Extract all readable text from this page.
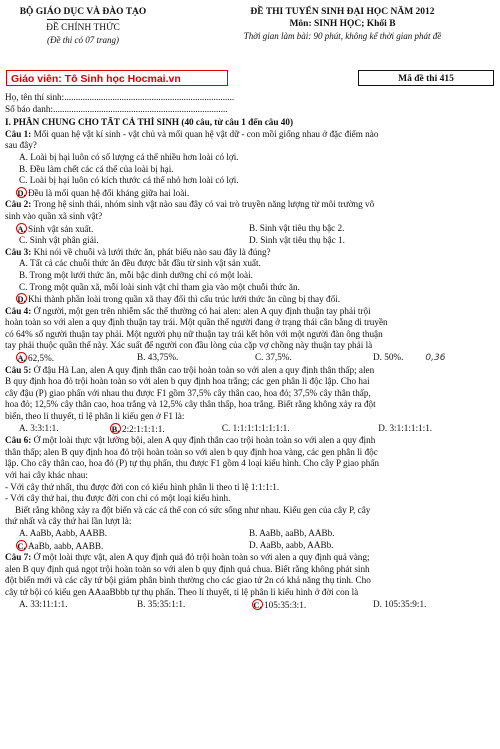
BỘ GIÁO DỤC VÀ ĐÀO TẠO
ĐỀ CHÍNH THỨC
(Đề thi có 07 trang)
ĐỀ THI TUYỂN SINH ĐẠI HỌC NĂM 2012
Môn: SINH HỌC; Khối B
Thời gian làm bài: 90 phút, không kể thời gian phát đề
Giáo viên: Tô Sinh học Hocmai.vn	Mã đề thi 415

Họ, tên thí sinh:..........................................................................

Số báo danh:............................................................................

I. PHẦN CHUNG CHO TẤT CẢ THÍ SINH (40 câu, từ câu 1 đến câu 40)

Câu 1: Mối quan hệ vật kí sinh - vật chủ và mối quan hệ vật dữ - con mồi giống nhau ở đặc điểm nào

sau đây?

A. Loài bị hại luôn có số lượng cá thể nhiều hơn loài có lợi.

B. Đều làm chết các cá thể của loài bị hại.

C. Loài bị hại luôn có kích thước cá thể nhỏ hơn loài có lợi.

D. Đều là mối quan hệ đối kháng giữa hai loài.

Câu 2: Trong hệ sinh thái, nhóm sinh vật nào sau đây có vai trò truyền năng lượng từ môi trường vô

sinh vào quần xã sinh vật?

A. Sinh vật sản xuất.	B. Sinh vật tiêu thụ bậc 2.
C. Sinh vật phân giải.	D. Sinh vật tiêu thụ bậc 1.

Câu 3: Khi nói về chuỗi và lưới thức ăn, phát biểu nào sau đây là đúng?

A. Tất cả các chuỗi thức ăn đều được bắt đầu từ sinh vật sản xuất.

B. Trong một lưới thức ăn, mỗi bậc dinh dưỡng chỉ có một loài.

C. Trong một quần xã, mỗi loài sinh vật chỉ tham gia vào một chuỗi thức ăn.

D. Khi thành phần loài trong quần xã thay đổi thì cấu trúc lưới thức ăn cũng bị thay đổi.

Câu 4: Ở người, một gen trên nhiễm sắc thể thường có hai alen: alen A quy định thuận tay phải trội

hoàn toàn so với alen a quy định thuận tay trái. Một quần thể người đang ở trạng thái cân bằng di truyền

có 64% số người thuận tay phải. Một người phụ nữ thuận tay trái kết hôn với một người đàn ông thuận

tay phải thuộc quần thể này. Xác suất để người con đầu lòng của cặp vợ chồng này thuận tay phải là

A. 62,5%.	B. 43,75%.	C. 37,5%.	D. 50%. 0,36

Câu 5: Ở đậu Hà Lan, alen A quy định thân cao trội hoàn toàn so với alen a quy định thân thấp; alen

B quy định hoa đỏ trội hoàn toàn so với alen b quy định hoa trắng; các gen phân li độc lập. Cho hai

cây đậu (P) giao phấn với nhau thu được F1 gồm 37,5% cây thân cao, hoa đỏ; 37,5% cây thân thấp,

hoa đỏ; 12,5% cây thân cao, hoa trắng và 12,5% cây thân thấp, hoa trắng. Biết rằng không xảy ra đột

biến, theo lí thuyết, tỉ lệ phân li kiểu gen ở F1 là:

A. 3:3:1:1.	B. 2:2:1:1:1:1.	C. 1:1:1:1:1:1:1:1.	D. 3:1:1:1:1:1.

Câu 6: Ở một loài thực vật lưỡng bội, alen A quy định thân cao trội hoàn toàn so với alen a quy định

thân thấp; alen B quy định hoa đỏ trội hoàn toàn so với alen b quy định hoa vàng, các gen phân li độc

lập. Cho cây thân cao, hoa đỏ (P) tự thụ phấn, thu được F1 gồm 4 loại kiểu hình. Cho cây P giao phấn

với hai cây khác nhau:

- Với cây thứ nhất, thu được đời con có kiểu hình phân li theo tỉ lệ 1:1:1:1.

- Với cây thứ hai, thu được đời con chỉ có một loại kiểu hình.

Biết rằng không xảy ra đột biến và các cá thể con có sức sống như nhau. Kiểu gen của cây P, cây

thứ nhất và cây thứ hai lần lượt là:

A. AaBb, Aabb, AABB.	B. AaBb, aaBb, AABb.
C. AaBb, aabb, AABB.	D. AaBb, aabb, AABb.

Câu 7: Ở một loài thực vật, alen A quy định quả đỏ trội hoàn toàn so với alen a quy định quả vàng;

alen B quy định quả ngọt trội hoàn toàn so với alen b quy định quả chua. Biết rằng không phát sinh

đột biến mới và các cây tứ bội giảm phân bình thường cho các giao tử 2n có khả năng thụ tinh. Cho

cây tứ bội có kiểu gen AAaaBbbb tự thụ phấn. Theo lí thuyết, tỉ lệ phân li kiểu hình ở đời con là

A. 33:11:1:1.	B. 35:35:1:1.	C. 105:35:3:1.	D. 105:35:9:1.
